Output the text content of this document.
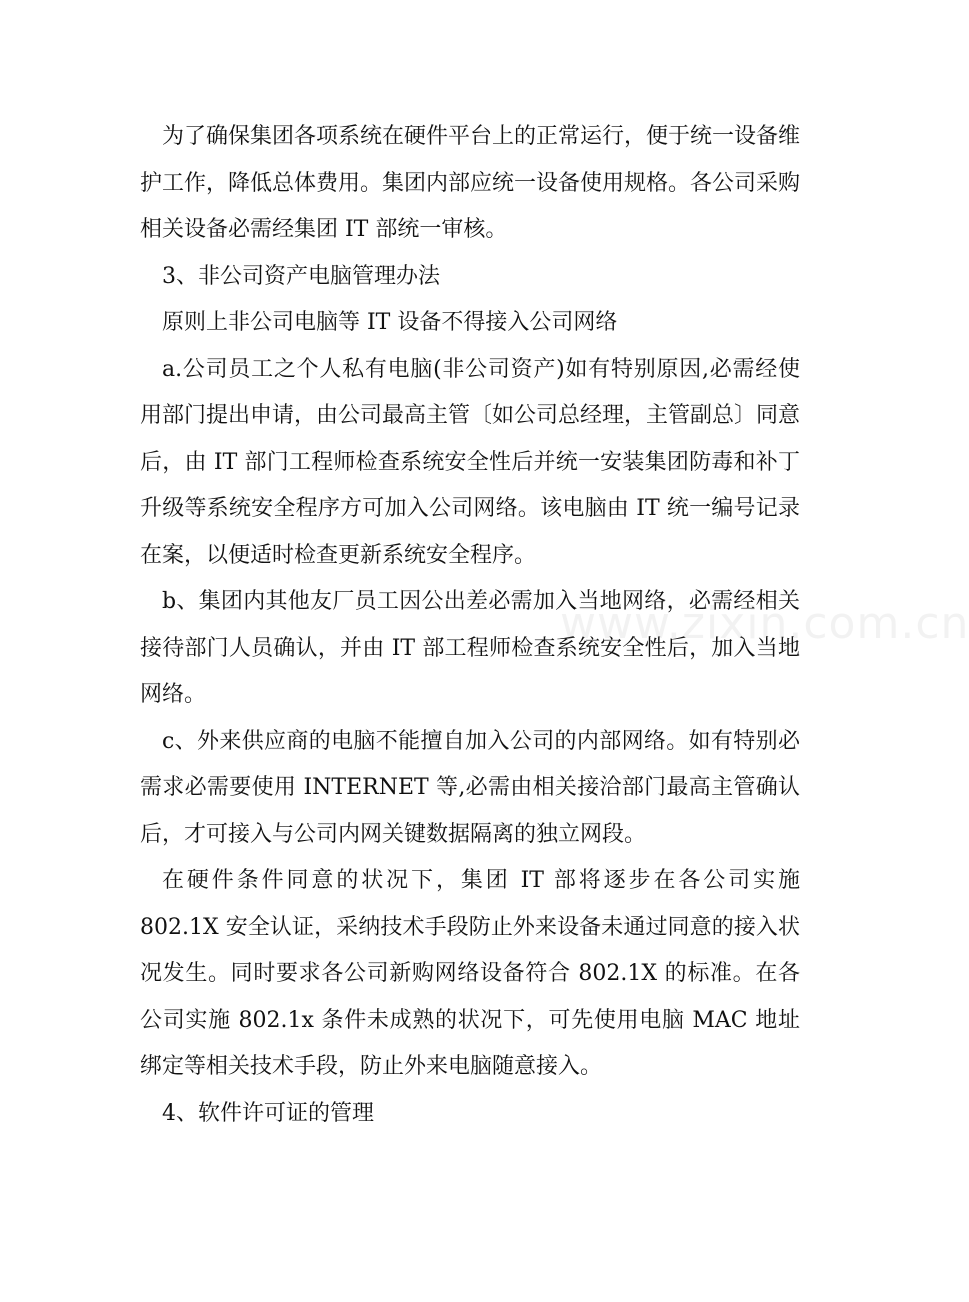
为了确保集团各项系统在硬件平台上的正常运行，便于统一设备维护工作，降低总体费用。集团内部应统一设备使用规格。各公司采购相关设备必需经集团 IT 部统一审核。

3、非公司资产电脑管理办法

原则上非公司电脑等 IT 设备不得接入公司网络

a.公司员工之个人私有电脑(非公司资产)如有特别原因,必需经使用部门提出申请，由公司最高主管〔如公司总经理，主管副总〕同意后，由 IT 部门工程师检查系统安全性后并统一安装集团防毒和补丁升级等系统安全程序方可加入公司网络。该电脑由 IT 统一编号记录在案，以便适时检查更新系统安全程序。

b、集团内其他友厂员工因公出差必需加入当地网络，必需经相关接待部门人员确认，并由 IT 部工程师检查系统安全性后，加入当地网络。

c、外来供应商的电脑不能擅自加入公司的内部网络。如有特别必需求必需要使用 INTERNET 等,必需由相关接洽部门最高主管确认后，才可接入与公司内网关键数据隔离的独立网段。

在硬件条件同意的状况下，集团 IT 部将逐步在各公司实施 802.1X 安全认证，采纳技术手段防止外来设备未通过同意的接入状况发生。同时要求各公司新购网络设备符合 802.1X 的标准。在各公司实施 802.1x 条件未成熟的状况下，可先使用电脑 MAC 地址绑定等相关技术手段，防止外来电脑随意接入。

4、软件许可证的管理

www.zixin.com.cn
